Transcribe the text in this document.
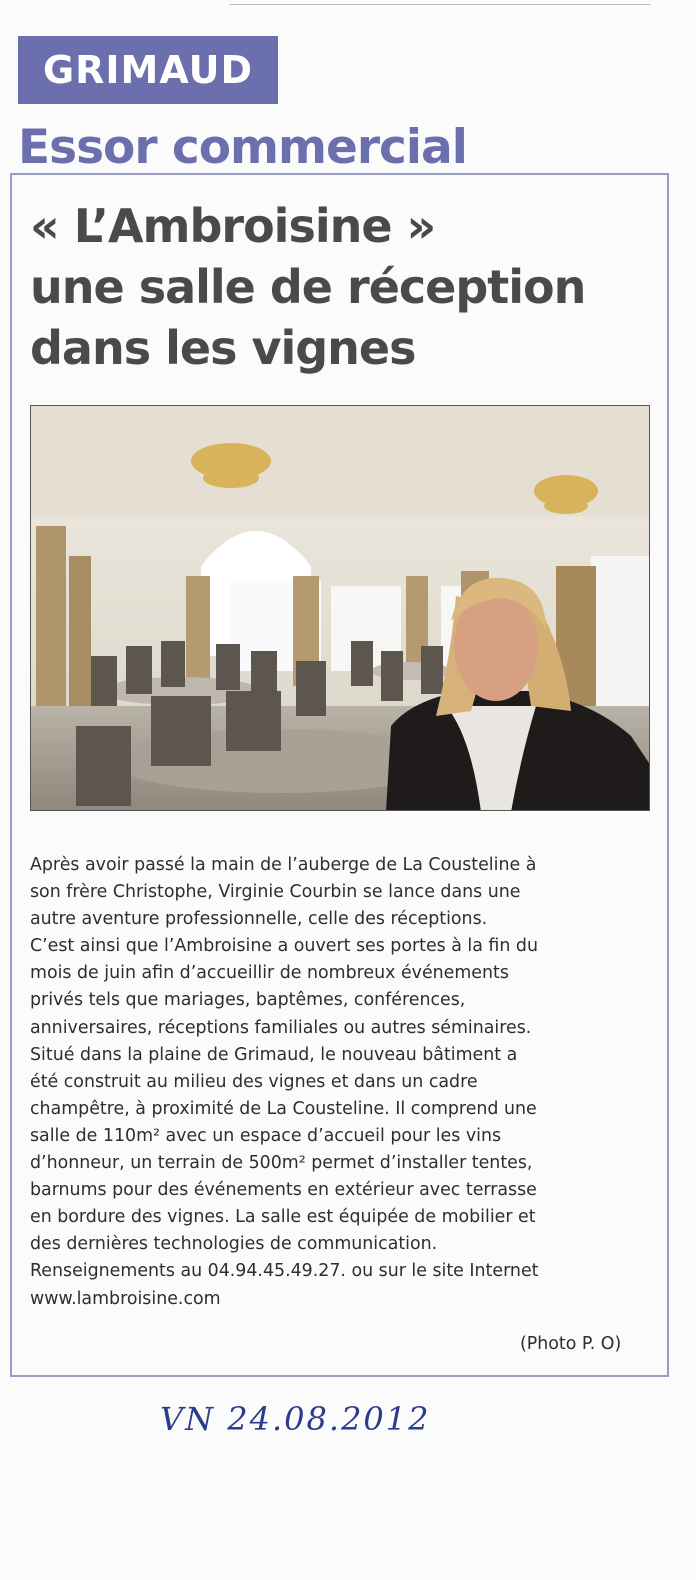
GRIMAUD
Essor commercial
« L’Ambroisine »
une salle de réception
dans les vignes
Après avoir passé la main de l’auberge de La Cousteline à
son frère Christophe, Virginie Courbin se lance dans une
autre aventure professionnelle, celle des réceptions.
C’est ainsi que l’Ambroisine a ouvert ses portes à la fin du
mois de juin afin d’accueillir de nombreux événements
privés tels que mariages, baptêmes, conférences,
anniversaires, réceptions familiales ou autres séminaires.
Situé dans la plaine de Grimaud, le nouveau bâtiment a
été construit au milieu des vignes et dans un cadre
champêtre, à proximité de La Cousteline. Il comprend une
salle de 110m² avec un espace d’accueil pour les vins
d’honneur, un terrain de 500m² permet d’installer tentes,
barnums pour des événements en extérieur avec terrasse
en bordure des vignes. La salle est équipée de mobilier et
des dernières technologies de communication.
Renseignements au 04.94.45.49.27. ou sur le site Internet
www.lambroisine.com
(Photo P. O)
VN 24.08.2012
